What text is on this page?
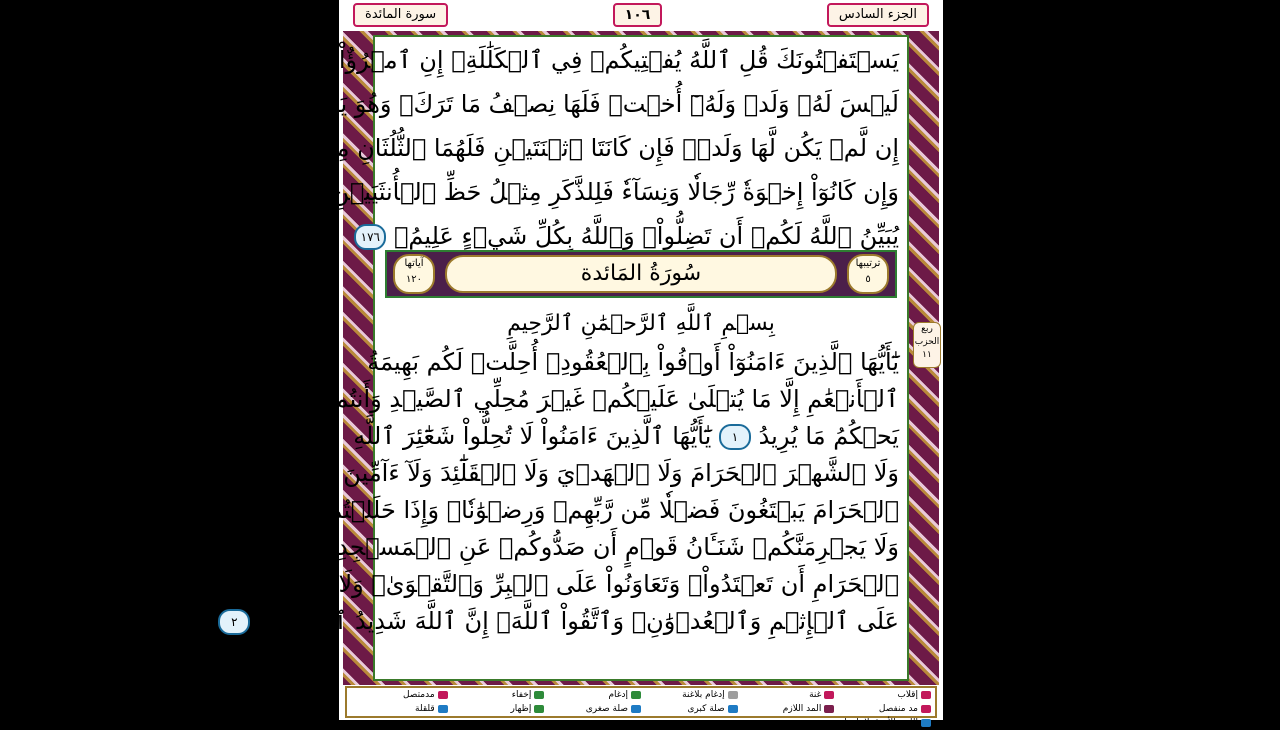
الجزء السادس
١٠٦
سورة المائدة
يَسۡتَفۡتُونَكَ قُلِ ٱللَّهُ يُفۡتِيكُمۡ فِي ٱلۡكَلَٰلَةِۚ إِنِ ٱمۡرُؤٌاْ هَلَكَ
لَيۡسَ لَهُۥ وَلَدٞ وَلَهُۥٓ أُخۡتٞ فَلَهَا نِصۡفُ مَا تَرَكَۚ وَهُوَ يَرِثُهَآ
إِن لَّمۡ يَكُن لَّهَا وَلَدٞۚ فَإِن كَانَتَا ٱثۡنَتَيۡنِ فَلَهُمَا ٱلثُّلُثَانِ مِمَّا تَرَكَۚ
وَإِن كَانُوٓاْ إِخۡوَةٗ رِّجَالٗا وَنِسَآءٗ فَلِلذَّكَرِ مِثۡلُ حَظِّ ٱلۡأُنثَيَيۡنِۗ
يُبَيِّنُ ٱللَّهُ لَكُمۡ أَن تَضِلُّواْۗ وَٱللَّهُ بِكُلِّ شَيۡءٍ عَلِيمُۢ ١٧٦
ترتيبها
٥
سُورَةُ المَائدة
آياتها
١٢٠
بِسۡمِ ٱللَّهِ ٱلرَّحۡمَٰنِ ٱلرَّحِيمِ
يَٰٓأَيُّهَا ٱلَّذِينَ ءَامَنُوٓاْ أَوۡفُواْ بِٱلۡعُقُودِۚ أُحِلَّتۡ لَكُم بَهِيمَةُ
ٱلۡأَنۡعَٰمِ إِلَّا مَا يُتۡلَىٰ عَلَيۡكُمۡ غَيۡرَ مُحِلِّي ٱلصَّيۡدِ وَأَنتُمۡ حُرُمٌۗ إِنَّ ٱللَّهَ
يَحۡكُمُ مَا يُرِيدُ ١ يَٰٓأَيُّهَا ٱلَّذِينَ ءَامَنُواْ لَا تُحِلُّواْ شَعَٰٓئِرَ ٱللَّهِ
وَلَا ٱلشَّهۡرَ ٱلۡحَرَامَ وَلَا ٱلۡهَدۡيَ وَلَا ٱلۡقَلَٰٓئِدَ وَلَآ ءَآمِّينَ ٱلۡبَيۡتَ
ٱلۡحَرَامَ يَبۡتَغُونَ فَضۡلٗا مِّن رَّبِّهِمۡ وَرِضۡوَٰنٗاۚ وَإِذَا حَلَلۡتُمۡ فَٱصۡطَادُواْۚ
وَلَا يَجۡرِمَنَّكُمۡ شَنَـَٔانُ قَوۡمٍ أَن صَدُّوكُمۡ عَنِ ٱلۡمَسۡجِدِ
ٱلۡحَرَامِ أَن تَعۡتَدُواْۘ وَتَعَاوَنُواْ عَلَى ٱلۡبِرِّ وَٱلتَّقۡوَىٰۖ وَلَا تَعَاوَنُواْ
عَلَى ٱلۡإِثۡمِ وَٱلۡعُدۡوَٰنِۚ وَٱتَّقُواْ ٱللَّهَۖ إِنَّ ٱللَّهَ شَدِيدُ ٱلۡعِقَابِ ٢
ربع الحزب ١١
إقلاب
غنة
إدغام بلاغنة
إدغام
إخفاء
مدمتصل
مد منفصل
المد اللازم
صلة كبرى
صلة صغرى
إظهار
قلقلة
اللون الأزرق لا يلفظ
